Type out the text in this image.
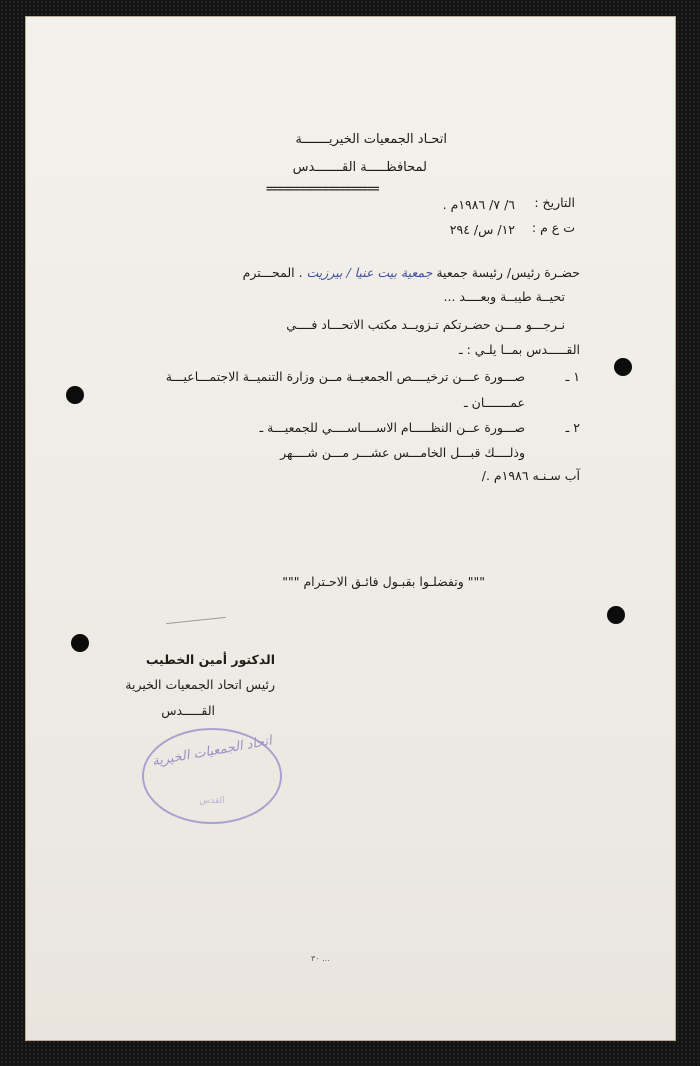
اتحـاد الجمعيات الخيريـــــــة
لمحافظـــــة القـــــــدس
====================
التاريخ :
٦/ ٧/ ١٩٨٦م .
ت ع م :
١٢/ س/ ٢٩٤
حضـرة رئيس/ رئيسة جمعية جمعية بيت عنيا / بيرزيت . المحـــترم
تحيــة طيبــة وبعــــد ...
نـرجـــو مـــن حضـرتكم تـزويــد مكتب الاتحـــاد فــــي
القـــــدس بمــا يلـي : ـ
١ ـ
صـــورة عـــن ترخيــــص الجمعيــة مــن وزارة التنميــة الاجتمـــاعيـــة
عمـــــــان ـ
٢ ـ
صـــورة عــن النظـــــام الاســــاســــي للجمعيـــة ـ
وذلــــك قبـــل الخامـــس عشـــر مـــن شــــهر
آب سـنـه ١٩٨٦م ./
""" وتفضلـوا بقبـول فائـق الاحـترام """
الدكتور أمين الخطيب
رئيس اتحاد الجمعيات الخيرية
القـــــدس
اتحاد الجمعيات الخيرية
القدس
٣٠ ...
